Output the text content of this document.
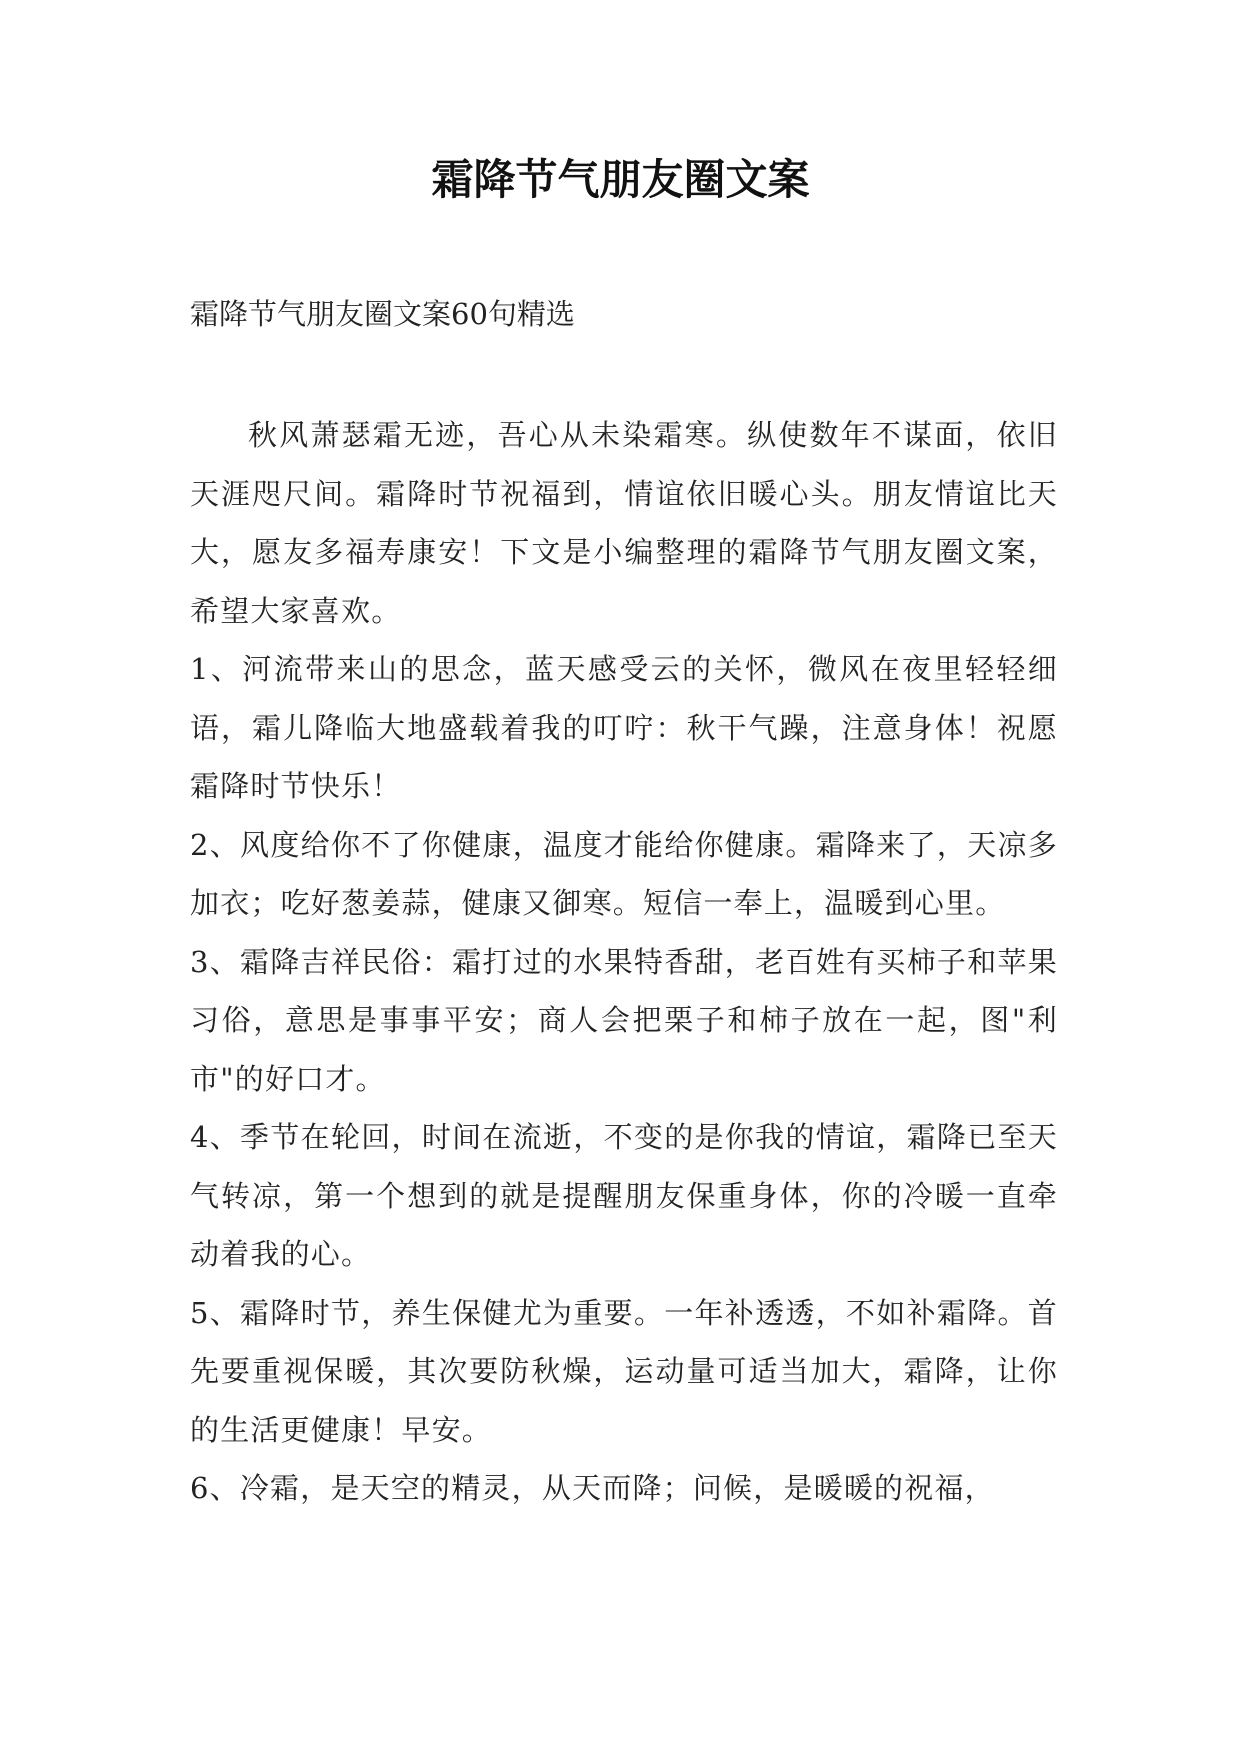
霜降节气朋友圈文案

霜降节气朋友圈文案60句精选

秋风萧瑟霜无迹，吾心从未染霜寒。纵使数年不谋面，依旧天涯咫尺间。霜降时节祝福到，情谊依旧暖心头。朋友情谊比天大，愿友多福寿康安！下文是小编整理的霜降节气朋友圈文案，希望大家喜欢。

1、河流带来山的思念，蓝天感受云的关怀，微风在夜里轻轻细语，霜儿降临大地盛载着我的叮咛：秋干气躁，注意身体！祝愿霜降时节快乐！

2、风度给你不了你健康，温度才能给你健康。霜降来了，天凉多加衣；吃好葱姜蒜，健康又御寒。短信一奉上，温暖到心里。

3、霜降吉祥民俗：霜打过的水果特香甜，老百姓有买柿子和苹果习俗，意思是事事平安；商人会把栗子和柿子放在一起，图"利市"的好口才。

4、季节在轮回，时间在流逝，不变的是你我的情谊，霜降已至天气转凉，第一个想到的就是提醒朋友保重身体，你的冷暖一直牵动着我的心。

5、霜降时节，养生保健尤为重要。一年补透透，不如补霜降。首先要重视保暖，其次要防秋燥，运动量可适当加大，霜降，让你的生活更健康！早安。

6、冷霜，是天空的精灵，从天而降；问候，是暖暖的祝福，
